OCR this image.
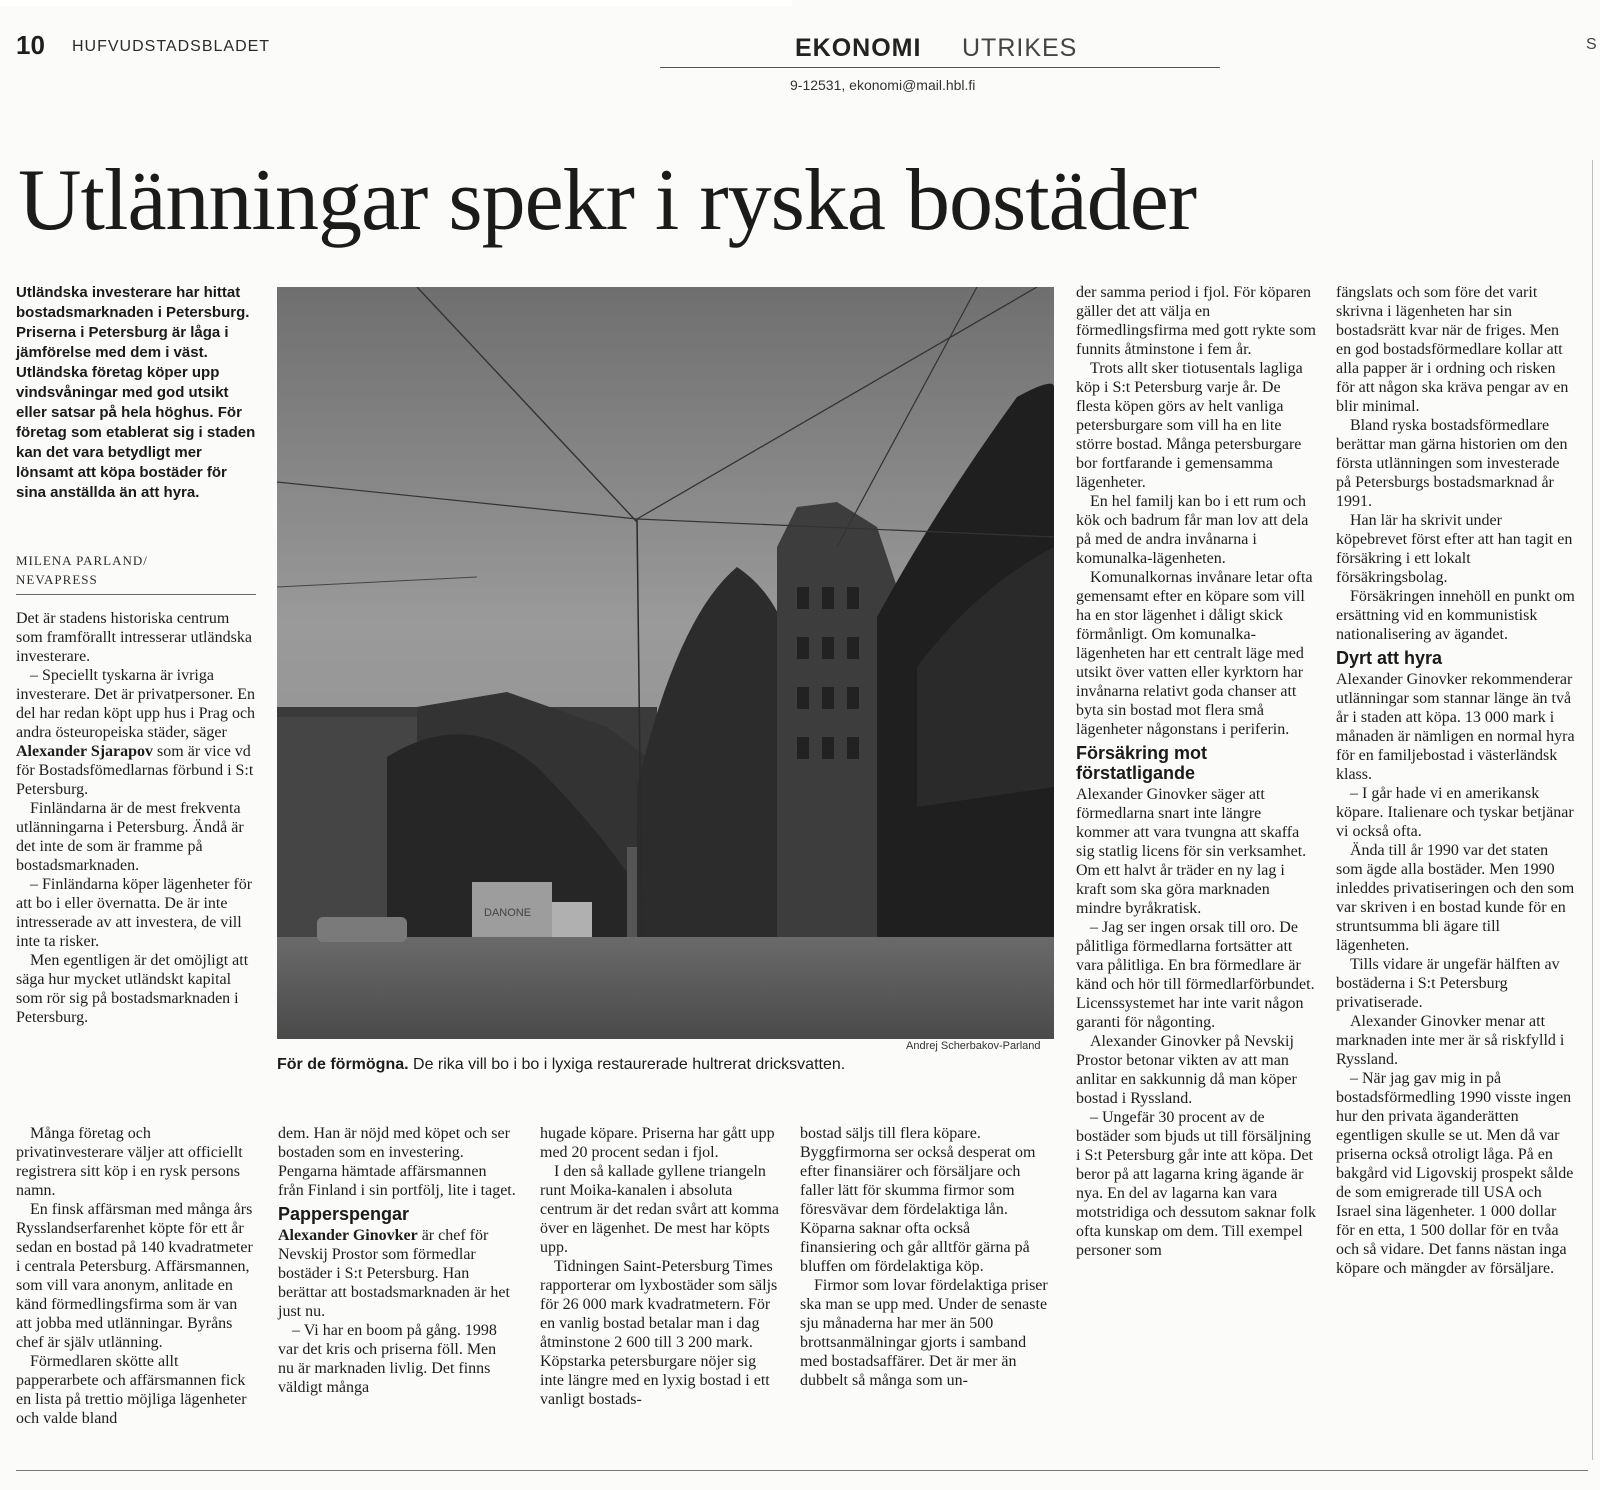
10 HUFVUDSTADSBLADET	EKONOMI UTRIKES
9-12531, ekonomi@mail.hbl.fi
S
Utlänningar spekr i ryska bostäder
Utländska investerare har hittat bostadsmarknaden i Petersburg. Priserna i Petersburg är låga i jämförelse med dem i väst. Utländska företag köper upp vindsvåningar med god utsikt eller satsar på hela höghus. För företag som etablerat sig i staden kan det vara betydligt mer lönsamt att köpa bostäder för sina anställda än att hyra.
MILENA PARLAND/
NEVAPRESS

Det är stadens historiska centrum som framförallt intresserar utländska investerare.

– Speciellt tyskarna är ivriga investerare. Det är privatpersoner. En del har redan köpt upp hus i Prag och andra östeuropeiska städer, säger Alexander Sjarapov som är vice vd för Bostadsfömedlarnas förbund i S:t Petersburg.

Finländarna är de mest frekventa utlänningarna i Petersburg. Ändå är det inte de som är framme på bostadsmarknaden.

– Finländarna köper lägenheter för att bo i eller övernatta. De är inte intresserade av att investera, de vill inte ta risker.

Men egentligen är det omöjligt att säga hur mycket utländskt kapital som rör sig på bostadsmarknaden i Petersburg.

Många företag och privatinvesterare väljer att officiellt registrera sitt köp i en rysk persons namn.

En finsk affärsman med många års Rysslandserfarenhet köpte för ett år sedan en bostad på 140 kvadratmeter i centrala Petersburg. Affärsmannen, som vill vara anonym, anlitade en känd förmedlingsfirma som är van att jobba med utlänningar. Byråns chef är själv utlänning.

Förmedlaren skötte allt papperarbete och affärsmannen fick en lista på trettio möjliga lägenheter och valde bland

DANONE
Andrej Scherbakov-Parland
För de förmögna. De rika vill bo i bo i lyxiga restaurerade hultrerat dricksvatten.

dem. Han är nöjd med köpet och ser bostaden som en investering. Pengarna hämtade affärsmannen från Finland i sin portfölj, lite i taget.

Papperspengar

Alexander Ginovker är chef för Nevskij Prostor som förmedlar bostäder i S:t Petersburg. Han berättar att bostadsmarknaden är het just nu.

– Vi har en boom på gång. 1998 var det kris och priserna föll. Men nu är marknaden livlig. Det finns väldigt många

hugade köpare. Priserna har gått upp med 20 procent sedan i fjol.

I den så kallade gyllene triangeln runt Moika-kanalen i absoluta centrum är det redan svårt att komma över en lägenhet. De mest har köpts upp.

Tidningen Saint-Petersburg Times rapporterar om lyxbostäder som säljs för 26 000 mark kvadratmetern. För en vanlig bostad betalar man i dag åtminstone 2 600 till 3 200 mark. Köpstarka petersburgare nöjer sig inte längre med en lyxig bostad i ett vanligt bostads-

bostad säljs till flera köpare. Byggfirmorna ser också desperat om efter finansiärer och försäljare och faller lätt för skumma firmor som föresvävar dem fördelaktiga lån. Köparna saknar ofta också finansiering och går alltför gärna på bluffen om fördelaktiga köp.

Firmor som lovar fördelaktiga priser ska man se upp med. Under de senaste sju månaderna har mer än 500 brottsanmälningar gjorts i samband med bostadsaffärer. Det är mer än dubbelt så många som un-

der samma period i fjol. För köparen gäller det att välja en förmedlingsfirma med gott rykte som funnits åtminstone i fem år.

Trots allt sker tiotusentals lagliga köp i S:t Petersburg varje år. De flesta köpen görs av helt vanliga petersburgare som vill ha en lite större bostad. Många petersburgare bor fortfarande i gemensamma lägenheter.

En hel familj kan bo i ett rum och kök och badrum får man lov att dela på med de andra invånarna i komunalka-lägenheten.

Komunalkornas invånare letar ofta gemensamt efter en köpare som vill ha en stor lägenhet i dåligt skick förmånligt. Om komunalka-lägenheten har ett centralt läge med utsikt över vatten eller kyrktorn har invånarna relativt goda chanser att byta sin bostad mot flera små lägenheter någonstans i periferin.

Försäkring mot förstatligande

Alexander Ginovker säger att förmedlarna snart inte längre kommer att vara tvungna att skaffa sig statlig licens för sin verksamhet. Om ett halvt år träder en ny lag i kraft som ska göra marknaden mindre byråkratisk.

– Jag ser ingen orsak till oro. De pålitliga förmedlarna fortsätter att vara pålitliga. En bra förmedlare är känd och hör till förmedlarförbundet. Licenssystemet har inte varit någon garanti för någonting.

Alexander Ginovker på Nevskij Prostor betonar vikten av att man anlitar en sakkunnig då man köper bostad i Ryssland.

– Ungefär 30 procent av de bostäder som bjuds ut till försäljning i S:t Petersburg går inte att köpa. Det beror på att lagarna kring ägande är nya. En del av lagarna kan vara motstridiga och dessutom saknar folk ofta kunskap om dem. Till exempel personer som

fängslats och som före det varit skrivna i lägenheten har sin bostadsrätt kvar när de friges. Men en god bostadsförmedlare kollar att alla papper är i ordning och risken för att någon ska kräva pengar av en blir minimal.

Bland ryska bostadsförmedlare berättar man gärna historien om den första utlänningen som investerade på Petersburgs bostadsmarknad år 1991.

Han lär ha skrivit under köpebrevet först efter att han tagit en försäkring i ett lokalt försäkringsbolag.

Försäkringen innehöll en punkt om ersättning vid en kommunistisk nationalisering av ägandet.

Dyrt att hyra

Alexander Ginovker rekommenderar utlänningar som stannar länge än två år i staden att köpa. 13 000 mark i månaden är nämligen en normal hyra för en familjebostad i västerländsk klass.

– I går hade vi en amerikansk köpare. Italienare och tyskar betjänar vi också ofta.

Ända till år 1990 var det staten som ägde alla bostäder. Men 1990 inleddes privatiseringen och den som var skriven i en bostad kunde för en struntsumma bli ägare till lägenheten.

Tills vidare är ungefär hälften av bostäderna i S:t Petersburg privatiserade.

Alexander Ginovker menar att marknaden inte mer är så riskfylld i Ryssland.

– När jag gav mig in på bostadsförmedling 1990 visste ingen hur den privata äganderätten egentligen skulle se ut. Men då var priserna också otroligt låga. På en bakgård vid Ligovskij prospekt sålde de som emigrerade till USA och Israel sina lägenheter. 1 000 dollar för en etta, 1 500 dollar för en tvåa och så vidare. Det fanns nästan inga köpare och mängder av försäljare.
